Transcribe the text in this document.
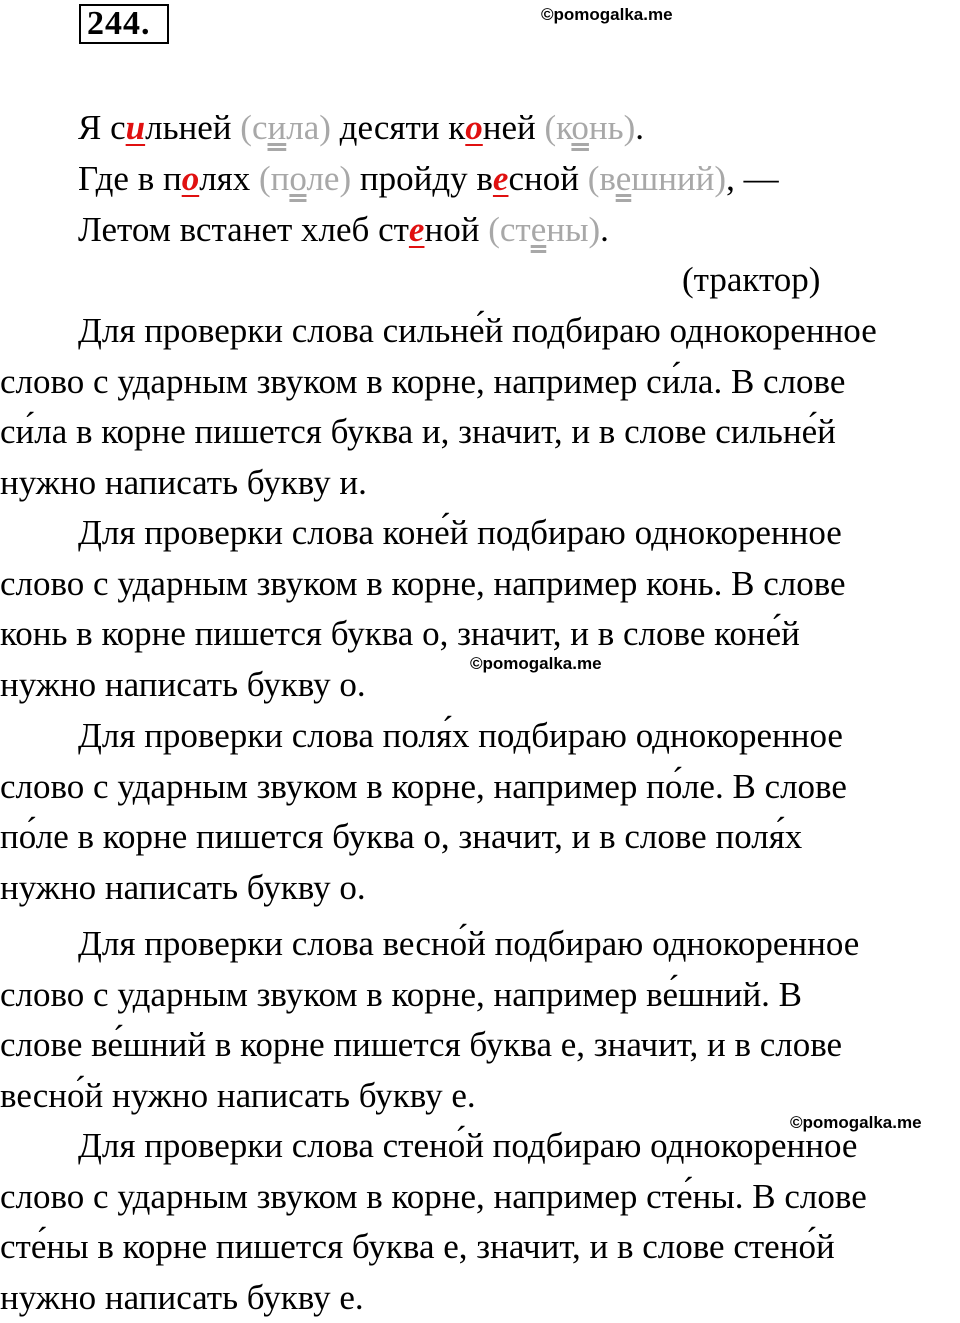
244.	©pomogalka.me
©pomogalka.me
©pomogalka.me
Я сильней (сила) десяти коней (конь).
Где в полях (поле) пройду весной (вешний), —
Летом встанет хлеб стеной (стены).
(трактор)
Для проверки слова сильне́й подбираю однокоренное
слово с ударным звуком в корне, например си́ла. В слове
си́ла в корне пишется буква и, значит, и в слове сильне́й
нужно написать букву и.
Для проверки слова коне́й подбираю однокоренное
слово с ударным звуком в корне, например конь. В слове
конь в корне пишется буква о, значит, и в слове коне́й
нужно написать букву о.
Для проверки слова поля́х подбираю однокоренное
слово с ударным звуком в корне, например по́ле. В слове
по́ле в корне пишется буква о, значит, и в слове поля́х
нужно написать букву о.
Для проверки слова весно́й подбираю однокоренное
слово с ударным звуком в корне, например ве́шний. В
слове ве́шний в корне пишется буква е, значит, и в слове
весно́й нужно написать букву е.
Для проверки слова стено́й подбираю однокоренное
слово с ударным звуком в корне, например сте́ны. В слове
сте́ны в корне пишется буква е, значит, и в слове стено́й
нужно написать букву е.
